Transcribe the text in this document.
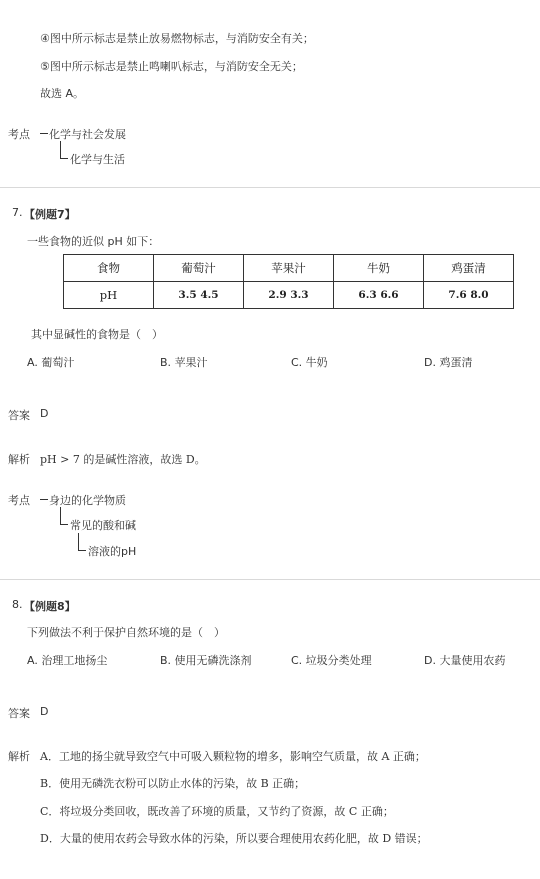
④图中所示标志是禁止放易燃物标志，与消防安全有关；
⑤图中所示标志是禁止鸣喇叭标志，与消防安全无关；
故选 A。
考点 化学与社会发展
化学与生活
7. 【例题7】
一些食物的近似 pH 如下：
食物	葡萄汁	苹果汁	牛奶	鸡蛋清
pH	3.5 4.5	2.9 3.3	6.3 6.6	7.6 8.0
其中显碱性的食物是（　）
A. 葡萄汁	B. 苹果汁	C. 牛奶	D. 鸡蛋清
答案 D
解析 pH > 7 的是碱性溶液，故选 D。
考点 身边的化学物质
常见的酸和碱
溶液的pH
8. 【例题8】
下列做法不利于保护自然环境的是（　）
A. 治理工地扬尘	B. 使用无磷洗涤剂	C. 垃圾分类处理	D. 大量使用农药
答案 D
解析 A．工地的扬尘就导致空气中可吸入颗粒物的增多，影响空气质量，故 A 正确；
B．使用无磷洗衣粉可以防止水体的污染，故 B 正确；
C．将垃圾分类回收，既改善了环境的质量，又节约了资源，故 C 正确；
D．大量的使用农药会导致水体的污染，所以要合理使用农药化肥，故 D 错误；
